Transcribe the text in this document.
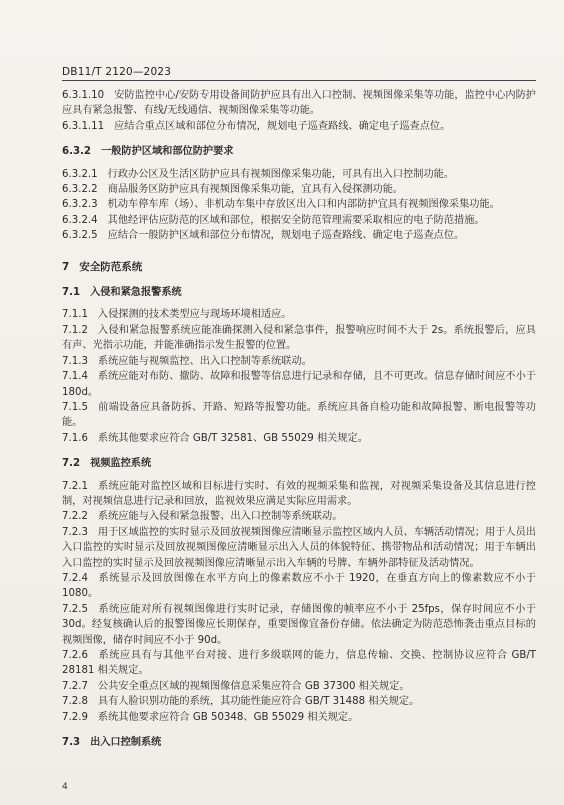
DB11/T 2120—2023

6.3.1.10 安防监控中心/安防专用设备间防护应具有出入口控制、视频图像采集等功能，监控中心内防护应具有紧急报警、有线/无线通信、视频图像采集等功能。

6.3.1.11 应结合重点区域和部位分布情况，规划电子巡查路线、确定电子巡查点位。

6.3.2 一般防护区域和部位防护要求

6.3.2.1 行政办公区及生活区防护应具有视频图像采集功能，可具有出入口控制功能。

6.3.2.2 商品服务区防护应具有视频图像采集功能，宜具有入侵探测功能。

6.3.2.3 机动车停车库（场）、非机动车集中存放区出入口和内部防护宜具有视频图像采集功能。

6.3.2.4 其他经评估应防范的区域和部位，根据安全防范管理需要采取相应的电子防范措施。

6.3.2.5 应结合一般防护区域和部位分布情况，规划电子巡查路线、确定电子巡查点位。

7 安全防范系统

7.1 入侵和紧急报警系统

7.1.1 入侵探测的技术类型应与现场环境相适应。

7.1.2 入侵和紧急报警系统应能准确探测入侵和紧急事件，报警响应时间不大于 2s。系统报警后，应具有声、光指示功能，并能准确指示发生报警的位置。

7.1.3 系统应能与视频监控、出入口控制等系统联动。

7.1.4 系统应能对布防、撤防、故障和报警等信息进行记录和存储，且不可更改。信息存储时间应不小于 180d。

7.1.5 前端设备应具备防拆、开路、短路等报警功能。系统应具备自检功能和故障报警、断电报警等功能。

7.1.6 系统其他要求应符合 GB/T 32581、GB 55029 相关规定。

7.2 视频监控系统

7.2.1 系统应能对监控区域和目标进行实时、有效的视频采集和监视，对视频采集设备及其信息进行控制，对视频信息进行记录和回放，监视效果应满足实际应用需求。

7.2.2 系统应能与入侵和紧急报警、出入口控制等系统联动。

7.2.3 用于区域监控的实时显示及回放视频图像应清晰显示监控区域内人员、车辆活动情况；用于人员出入口监控的实时显示及回放视频图像应清晰显示出入人员的体貌特征、携带物品和活动情况；用于车辆出入口监控的实时显示及回放视频图像应清晰显示出入车辆的号牌、车辆外部特征及活动情况。

7.2.4 系统显示及回放图像在水平方向上的像素数应不小于 1920，在垂直方向上的像素数应不小于 1080。

7.2.5 系统应能对所有视频图像进行实时记录，存储图像的帧率应不小于 25fps，保存时间应不小于 30d。经复核确认后的报警图像应长期保存，重要图像宜备份存储。依法确定为防范恐怖袭击重点目标的视频图像，储存时间应不小于 90d。

7.2.6 系统应具有与其他平台对接、进行多级联网的能力，信息传输、交换、控制协议应符合 GB/T 28181 相关规定。

7.2.7 公共安全重点区域的视频图像信息采集应符合 GB 37300 相关规定。

7.2.8 具有人脸识别功能的系统，其功能性能应符合 GB/T 31488 相关规定。

7.2.9 系统其他要求应符合 GB 50348、GB 55029 相关规定。

7.3 出入口控制系统

4
